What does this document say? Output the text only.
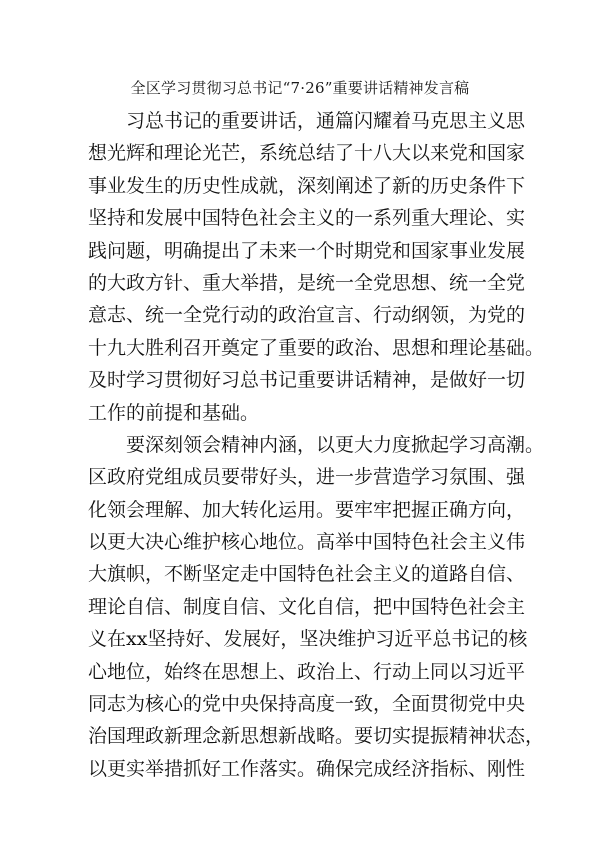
全区学习贯彻习总书记“7·26”重要讲话精神发言稿
习总书记的重要讲话，通篇闪耀着马克思主义思
想光辉和理论光芒，系统总结了十八大以来党和国家
事业发生的历史性成就，深刻阐述了新的历史条件下
坚持和发展中国特色社会主义的一系列重大理论、实
践问题，明确提出了未来一个时期党和国家事业发展
的大政方针、重大举措，是统一全党思想、统一全党
意志、统一全党行动的政治宣言、行动纲领，为党的
十九大胜利召开奠定了重要的政治、思想和理论基础。
及时学习贯彻好习总书记重要讲话精神，是做好一切
工作的前提和基础。
要深刻领会精神内涵，以更大力度掀起学习高潮。
区政府党组成员要带好头，进一步营造学习氛围、强
化领会理解、加大转化运用。要牢牢把握正确方向，
以更大决心维护核心地位。高举中国特色社会主义伟
大旗帜，不断坚定走中国特色社会主义的道路自信、
理论自信、制度自信、文化自信，把中国特色社会主
义在xx坚持好、发展好，坚决维护习近平总书记的核
心地位，始终在思想上、政治上、行动上同以习近平
同志为核心的党中央保持高度一致，全面贯彻党中央
治国理政新理念新思想新战略。要切实提振精神状态，
以更实举措抓好工作落实。确保完成经济指标、刚性
